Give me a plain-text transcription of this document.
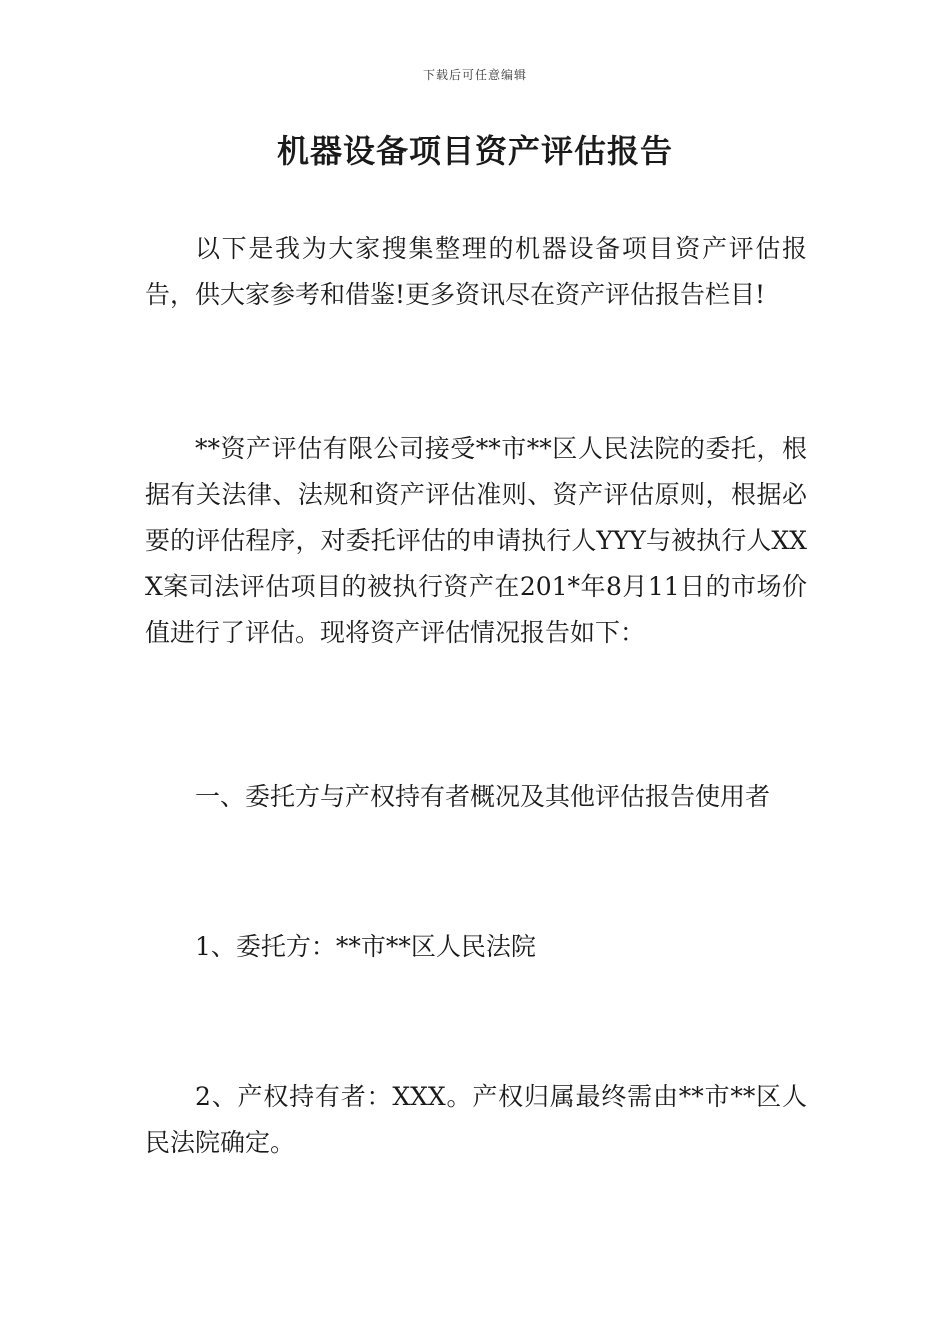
下载后可任意编辑
机器设备项目资产评估报告

以下是我为大家搜集整理的机器设备项目资产评估报告，供大家参考和借鉴!更多资讯尽在资产评估报告栏目!

**资产评估有限公司接受**市**区人民法院的委托，根据有关法律、法规和资产评估准则、资产评估原则，根据必要的评估程序，对委托评估的申请执行人YYY与被执行人XXX案司法评估项目的被执行资产在201*年8月11日的市场价值进行了评估。现将资产评估情况报告如下：

一、委托方与产权持有者概况及其他评估报告使用者

1、委托方：**市**区人民法院

2、产权持有者：XXX。产权归属最终需由**市**区人民法院确定。
